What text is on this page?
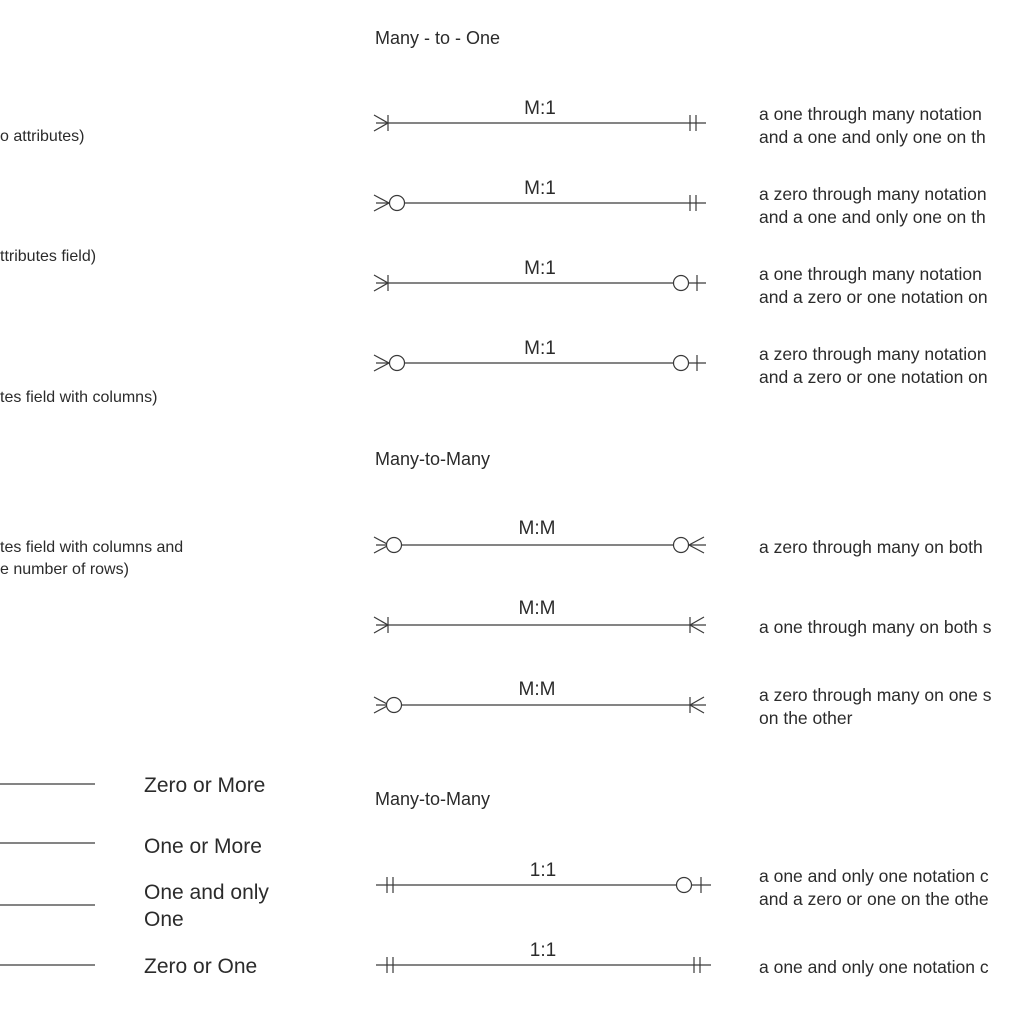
Many - to - One
Many-to-Many
Many-to-Many
o attributes)
ttributes field)
tes field with columns)
tes field with columns and
e number of rows)
M:1
M:1
M:1
M:1
M:M
M:M
M:M
1:1
1:1
a one through many notation
and a one and only one on th
a zero through many notation
and a one and only one on th
a one through many notation
and a zero or one notation on
a zero through many notation
and a zero or one notation on
a zero through many on both
a one through many on both s
a zero through many on one s
on the other
a one and only one notation c
and a zero or one on the othe
a one and only one notation c
Zero or More
One or More
One and only
One
Zero or One
